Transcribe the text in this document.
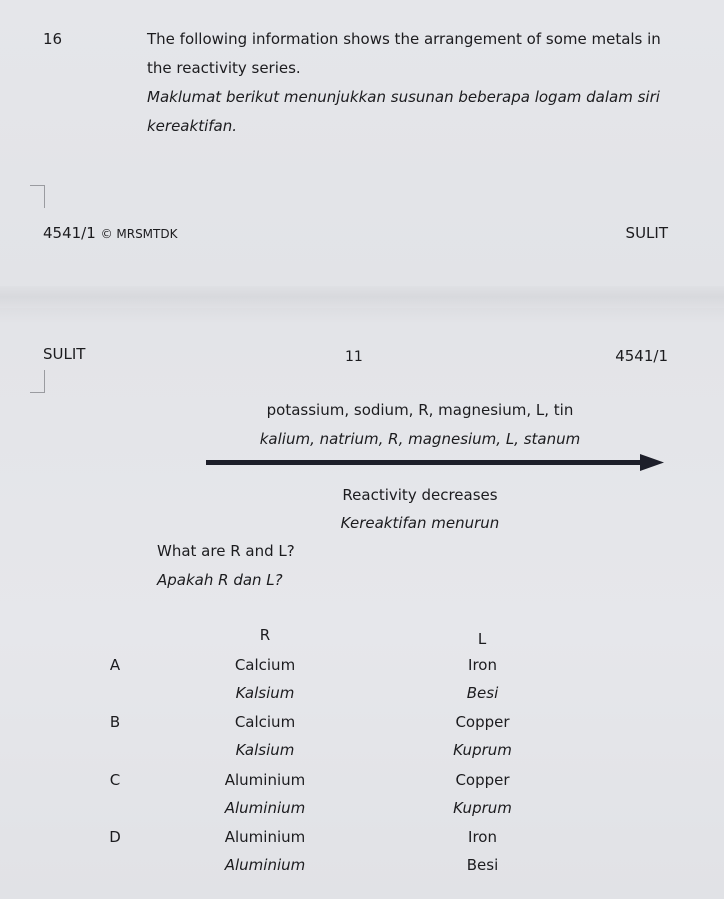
16	The following information shows the arrangement of some metals in
the reactivity series.
Maklumat berikut menunjukkan susunan beberapa logam dalam siri
kereaktifan.
4541/1 © MRSMTDK	SULIT
SULIT	11	4541/1
potassium, sodium, R, magnesium, L, tin
kalium, natrium, R, magnesium, L, stanum
Reactivity decreases
Kereaktifan menurun
What are R and L?
Apakah R dan L?
R	L
A	Calcium	Iron
Kalsium	Besi
B	Calcium	Copper
Kalsium	Kuprum
C	Aluminium	Copper
Aluminium	Kuprum
D	Aluminium	Iron
Aluminium	Besi
